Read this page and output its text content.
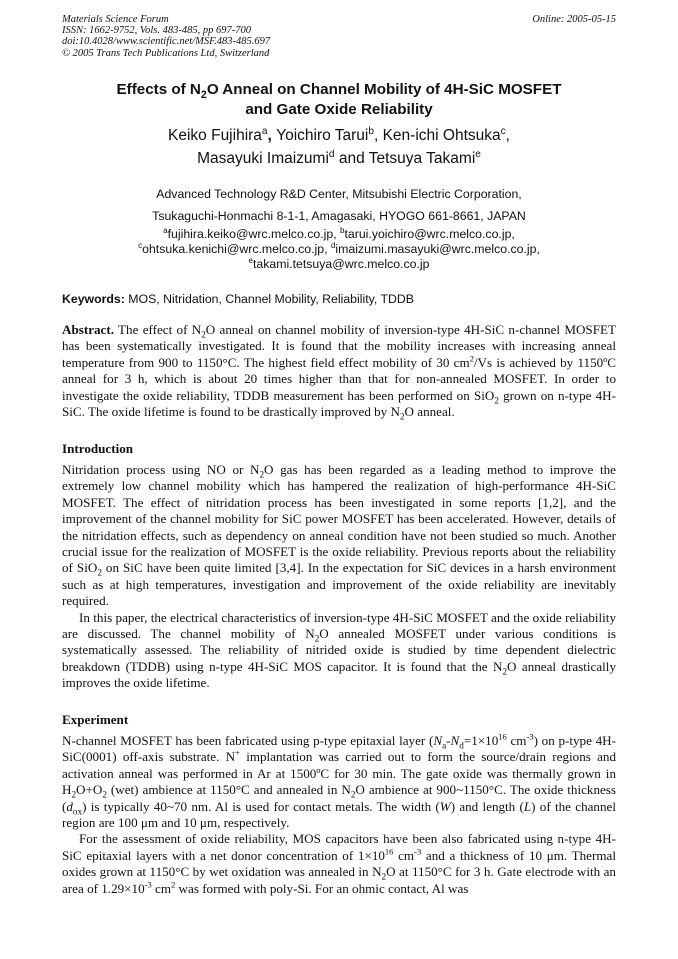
Materials Science Forum
ISSN: 1662-9752, Vols. 483-485, pp 697-700
doi:10.4028/www.scientific.net/MSF.483-485.697
© 2005 Trans Tech Publications Ltd, Switzerland
Online: 2005-05-15
Effects of $N_2O$ Anneal on Channel Mobility of 4H-SiC MOSFET
and Gate Oxide Reliability
Keiko Fujihira$^a$, Yoichiro Tarui$^b$, Ken-ichi Ohtsuka$^c$,
Masayuki Imaizumi$^d$ and Tetsuya Takami$^e$
Advanced Technology R&D Center, Mitsubishi Electric Corporation,
Tsukaguchi-Honmachi 8-1-1, Amagasaki, HYOGO 661-8661, JAPAN
$^a$fujihira.keiko@wrc.melco.co.jp, $^b$tarui.yoichiro@wrc.melco.co.jp,
$^c$ohtsuka.kenichi@wrc.melco.co.jp, $^d$imaizumi.masayuki@wrc.melco.co.jp,
$^e$takami.tetsuya@wrc.melco.co.jp
Keywords: MOS, Nitridation, Channel Mobility, Reliability, TDDB

Abstract. The effect of $N_2O$ anneal on channel mobility of inversion-type 4H-SiC n-channel MOSFET has been systematically investigated. It is found that the mobility increases with increasing anneal temperature from 900 to 1150°C. The highest field effect mobility of 30 $cm^2/Vs$ is achieved by 1150ºC anneal for 3 h, which is about 20 times higher than that for non-annealed MOSFET. In order to investigate the oxide reliability, TDDB measurement has been performed on SiO$_2$ grown on n-type 4H-SiC. The oxide lifetime is found to be drastically improved by $N_2O$ anneal.

Introduction

Nitridation process using NO or $N_2O$ gas has been regarded as a leading method to improve the extremely low channel mobility which has hampered the realization of high-performance 4H-SiC MOSFET. The effect of nitridation process has been investigated in some reports [1,2], and the improvement of the channel mobility for SiC power MOSFET has been accelerated. However, details of the nitridation effects, such as dependency on anneal condition have not been studied so much. Another crucial issue for the realization of MOSFET is the oxide reliability. Previous reports about the reliability of SiO$_2$ on SiC have been quite limited [3,4]. In the expectation for SiC devices in a harsh environment such as at high temperatures, investigation and improvement of the oxide reliability are inevitably required.

In this paper, the electrical characteristics of inversion-type 4H-SiC MOSFET and the oxide reliability are discussed. The channel mobility of $N_2O$ annealed MOSFET under various conditions is systematically assessed. The reliability of nitrided oxide is studied by time dependent dielectric breakdown (TDDB) using n-type 4H-SiC MOS capacitor. It is found that the $N_2O$ anneal drastically improves the oxide lifetime.

Experiment

N-channel MOSFET has been fabricated using p-type epitaxial layer ($N_a-N_d=1\times 10^{16}$ $cm^{-3}$) on p-type 4H-SiC(0001) off-axis substrate. N+ implantation was carried out to form the source/drain regions and activation anneal was performed in Ar at 1500ºC for 30 min. The gate oxide was thermally grown in $H_2O+O_2$ (wet) ambience at 1150°C and annealed in $N_2O$ ambience at 900~1150°C. The oxide thickness $(d_{ox})$ is typically 40~70 nm. Al is used for contact metals. The width (W) and length (L) of the channel region are 100 μm and 10 μm, respectively.

For the assessment of oxide reliability, MOS capacitors have been also fabricated using n-type 4H-SiC epitaxial layers with a net donor concentration of $1\times 10^{16}$ $cm^{-3}$ and a thickness of 10 μm. Thermal oxides grown at 1150°C by wet oxidation was annealed in $N_2O$ at 1150°C for 3 h. Gate electrode with an area of $1.29\times 10^{-3}$ $cm^2$ was formed with poly-Si. For an ohmic contact, Al was
